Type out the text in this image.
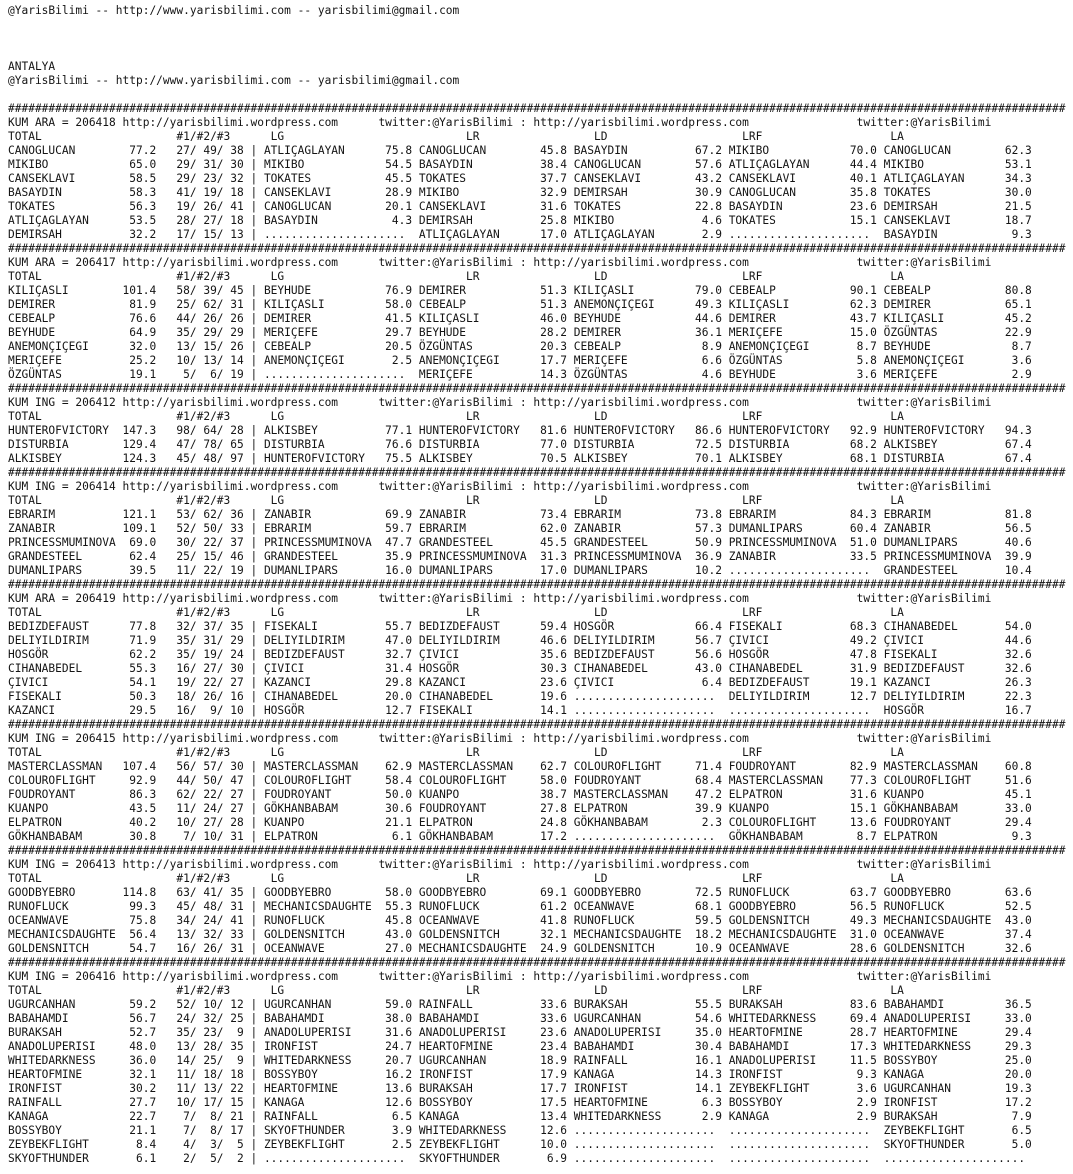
@YarisBilimi -- http://www.yarisbilimi.com -- yarisbilimi@gmail.com
ANTALYA
@YarisBilimi -- http://www.yarisbilimi.com -- yarisbilimi@gmail.com
#############################################################################################################################################################
KUM ARA = 206418 http://yarisbilimi.wordpress.com      twitter:@YarisBilimi : http://yarisbilimi.wordpress.com                twitter:@YarisBilimi
TOTAL                    #1/#2/#3      LG                           LR                 LD                    LRF                   LA
CANOGLUCAN        77.2   27/ 49/ 38 | ATLIÇAGLAYAN      75.8 CANOGLUCAN        45.8 BASAYDIN          67.2 MIKIBO            70.0 CANOGLUCAN        62.3
MIKIBO            65.0   29/ 31/ 30 | MIKIBO            54.5 BASAYDIN          38.4 CANOGLUCAN        57.6 ATLIÇAGLAYAN      44.4 MIKIBO            53.1
CANSEKLAVI        58.5   29/ 23/ 32 | TOKATES           45.5 TOKATES           37.7 CANSEKLAVI        43.2 CANSEKLAVI        40.1 ATLIÇAGLAYAN      34.3
BASAYDIN          58.3   41/ 19/ 18 | CANSEKLAVI        28.9 MIKIBO            32.9 DEMIRSAH          30.9 CANOGLUCAN        35.8 TOKATES           30.0
TOKATES           56.3   19/ 26/ 41 | CANOGLUCAN        20.1 CANSEKLAVI        31.6 TOKATES           22.8 BASAYDIN          23.6 DEMIRSAH          21.5
ATLIÇAGLAYAN      53.5   28/ 27/ 18 | BASAYDIN           4.3 DEMIRSAH          25.8 MIKIBO             4.6 TOKATES           15.1 CANSEKLAVI        18.7
DEMIRSAH          32.2   17/ 15/ 13 | .....................  ATLIÇAGLAYAN      17.0 ATLIÇAGLAYAN       2.9 .....................  BASAYDIN           9.3
#############################################################################################################################################################
KUM ARA = 206417 http://yarisbilimi.wordpress.com      twitter:@YarisBilimi : http://yarisbilimi.wordpress.com                twitter:@YarisBilimi
TOTAL                    #1/#2/#3      LG                           LR                 LD                    LRF                   LA
KILIÇASLI        101.4   58/ 39/ 45 | BEYHUDE           76.9 DEMIRER           51.3 KILIÇASLI         79.0 CEBEALP           90.1 CEBEALP           80.8
DEMIRER           81.9   25/ 62/ 31 | KILIÇASLI         58.0 CEBEALP           51.3 ANEMONÇIÇEGI      49.3 KILIÇASLI         62.3 DEMIRER           65.1
CEBEALP           76.6   44/ 26/ 26 | DEMIRER           41.5 KILIÇASLI         46.0 BEYHUDE           44.6 DEMIRER           43.7 KILIÇASLI         45.2
BEYHUDE           64.9   35/ 29/ 29 | MERIÇEFE          29.7 BEYHUDE           28.2 DEMIRER           36.1 MERIÇEFE          15.0 ÖZGÜNTAS          22.9
ANEMONÇIÇEGI      32.0   13/ 15/ 26 | CEBEALP           20.5 ÖZGÜNTAS          20.3 CEBEALP            8.9 ANEMONÇIÇEGI       8.7 BEYHUDE            8.7
MERIÇEFE          25.2   10/ 13/ 14 | ANEMONÇIÇEGI       2.5 ANEMONÇIÇEGI      17.7 MERIÇEFE           6.6 ÖZGÜNTAS           5.8 ANEMONÇIÇEGI       3.6
ÖZGÜNTAS          19.1    5/  6/ 19 | .....................  MERIÇEFE          14.3 ÖZGÜNTAS           4.6 BEYHUDE            3.6 MERIÇEFE           2.9
#############################################################################################################################################################
KUM ING = 206412 http://yarisbilimi.wordpress.com      twitter:@YarisBilimi : http://yarisbilimi.wordpress.com                twitter:@YarisBilimi
TOTAL                    #1/#2/#3      LG                           LR                 LD                    LRF                   LA
HUNTEROFVICTORY  147.3   98/ 64/ 28 | ALKISBEY          77.1 HUNTEROFVICTORY   81.6 HUNTEROFVICTORY   86.6 HUNTEROFVICTORY   92.9 HUNTEROFVICTORY   94.3
DISTURBIA        129.4   47/ 78/ 65 | DISTURBIA         76.6 DISTURBIA         77.0 DISTURBIA         72.5 DISTURBIA         68.2 ALKISBEY          67.4
ALKISBEY         124.3   45/ 48/ 97 | HUNTEROFVICTORY   75.5 ALKISBEY          70.5 ALKISBEY          70.1 ALKISBEY          68.1 DISTURBIA         67.4
#############################################################################################################################################################
KUM ING = 206414 http://yarisbilimi.wordpress.com      twitter:@YarisBilimi : http://yarisbilimi.wordpress.com                twitter:@YarisBilimi
TOTAL                    #1/#2/#3      LG                           LR                 LD                    LRF                   LA
EBRARIM          121.1   53/ 62/ 36 | ZANABIR           69.9 ZANABIR           73.4 EBRARIM           73.8 EBRARIM           84.3 EBRARIM           81.8
ZANABIR          109.1   52/ 50/ 33 | EBRARIM           59.7 EBRARIM           62.0 ZANABIR           57.3 DUMANLIPARS       60.4 ZANABIR           56.5
PRINCESSMUMINOVA  69.0   30/ 22/ 37 | PRINCESSMUMINOVA  47.7 GRANDESTEEL       45.5 GRANDESTEEL       50.9 PRINCESSMUMINOVA  51.0 DUMANLIPARS       40.6
GRANDESTEEL       62.4   25/ 15/ 46 | GRANDESTEEL       35.9 PRINCESSMUMINOVA  31.3 PRINCESSMUMINOVA  36.9 ZANABIR           33.5 PRINCESSMUMINOVA  39.9
DUMANLIPARS       39.5   11/ 22/ 19 | DUMANLIPARS       16.0 DUMANLIPARS       17.0 DUMANLIPARS       10.2 .....................  GRANDESTEEL       10.4
#############################################################################################################################################################
KUM ARA = 206419 http://yarisbilimi.wordpress.com      twitter:@YarisBilimi : http://yarisbilimi.wordpress.com                twitter:@YarisBilimi
TOTAL                    #1/#2/#3      LG                           LR                 LD                    LRF                   LA
BEDIZDEFAUST      77.8   32/ 37/ 35 | FISEKALI          55.7 BEDIZDEFAUST      59.4 HOSGÖR            66.4 FISEKALI          68.3 CIHANABEDEL       54.0
DELIYILDIRIM      71.9   35/ 31/ 29 | DELIYILDIRIM      47.0 DELIYILDIRIM      46.6 DELIYILDIRIM      56.7 ÇIVICI            49.2 ÇIVICI            44.6
HOSGÖR            62.2   35/ 19/ 24 | BEDIZDEFAUST      32.7 ÇIVICI            35.6 BEDIZDEFAUST      56.6 HOSGÖR            47.8 FISEKALI          32.6
CIHANABEDEL       55.3   16/ 27/ 30 | ÇIVICI            31.4 HOSGÖR            30.3 CIHANABEDEL       43.0 CIHANABEDEL       31.9 BEDIZDEFAUST      32.6
ÇIVICI            54.1   19/ 22/ 27 | KAZANCI           29.8 KAZANCI           23.6 ÇIVICI             6.4 BEDIZDEFAUST      19.1 KAZANCI           26.3
FISEKALI          50.3   18/ 26/ 16 | CIHANABEDEL       20.0 CIHANABEDEL       19.6 .....................  DELIYILDIRIM      12.7 DELIYILDIRIM      22.3
KAZANCI           29.5   16/  9/ 10 | HOSGÖR            12.7 FISEKALI          14.1 .....................  .....................  HOSGÖR            16.7
#############################################################################################################################################################
KUM ING = 206415 http://yarisbilimi.wordpress.com      twitter:@YarisBilimi : http://yarisbilimi.wordpress.com                twitter:@YarisBilimi
TOTAL                    #1/#2/#3      LG                           LR                 LD                    LRF                   LA
MASTERCLASSMAN   107.4   56/ 57/ 30 | MASTERCLASSMAN    62.9 MASTERCLASSMAN    62.7 COLOUROFLIGHT     71.4 FOUDROYANT        82.9 MASTERCLASSMAN    60.8
COLOUROFLIGHT     92.9   44/ 50/ 47 | COLOUROFLIGHT     58.4 COLOUROFLIGHT     58.0 FOUDROYANT        68.4 MASTERCLASSMAN    77.3 COLOUROFLIGHT     51.6
FOUDROYANT        86.3   62/ 22/ 27 | FOUDROYANT        50.0 KUANPO            38.7 MASTERCLASSMAN    47.2 ELPATRON          31.6 KUANPO            45.1
KUANPO            43.5   11/ 24/ 27 | GÖKHANBABAM       30.6 FOUDROYANT        27.8 ELPATRON          39.9 KUANPO            15.1 GÖKHANBABAM       33.0
ELPATRON          40.2   10/ 27/ 28 | KUANPO            21.1 ELPATRON          24.8 GÖKHANBABAM        2.3 COLOUROFLIGHT     13.6 FOUDROYANT        29.4
GÖKHANBABAM       30.8    7/ 10/ 31 | ELPATRON           6.1 GÖKHANBABAM       17.2 .....................  GÖKHANBABAM        8.7 ELPATRON           9.3
#############################################################################################################################################################
KUM ING = 206413 http://yarisbilimi.wordpress.com      twitter:@YarisBilimi : http://yarisbilimi.wordpress.com                twitter:@YarisBilimi
TOTAL                    #1/#2/#3      LG                           LR                 LD                    LRF                   LA
GOODBYEBRO       114.8   63/ 41/ 35 | GOODBYEBRO        58.0 GOODBYEBRO        69.1 GOODBYEBRO        72.5 RUNOFLUCK         63.7 GOODBYEBRO        63.6
RUNOFLUCK         99.3   45/ 48/ 31 | MECHANICSDAUGHTE  55.3 RUNOFLUCK         61.2 OCEANWAVE         68.1 GOODBYEBRO        56.5 RUNOFLUCK         52.5
OCEANWAVE         75.8   34/ 24/ 41 | RUNOFLUCK         45.8 OCEANWAVE         41.8 RUNOFLUCK         59.5 GOLDENSNITCH      49.3 MECHANICSDAUGHTE  43.0
MECHANICSDAUGHTE  56.4   13/ 32/ 33 | GOLDENSNITCH      43.0 GOLDENSNITCH      32.1 MECHANICSDAUGHTE  18.2 MECHANICSDAUGHTE  31.0 OCEANWAVE         37.4
GOLDENSNITCH      54.7   16/ 26/ 31 | OCEANWAVE         27.0 MECHANICSDAUGHTE  24.9 GOLDENSNITCH      10.9 OCEANWAVE         28.6 GOLDENSNITCH      32.6
#############################################################################################################################################################
KUM ING = 206416 http://yarisbilimi.wordpress.com      twitter:@YarisBilimi : http://yarisbilimi.wordpress.com                twitter:@YarisBilimi
TOTAL                    #1/#2/#3      LG                           LR                 LD                    LRF                   LA
UGURCANHAN        59.2   52/ 10/ 12 | UGURCANHAN        59.0 RAINFALL          33.6 BURAKSAH          55.5 BURAKSAH          83.6 BABAHAMDI         36.5
BABAHAMDI         56.7   24/ 32/ 25 | BABAHAMDI         38.0 BABAHAMDI         33.6 UGURCANHAN        54.6 WHITEDARKNESS     69.4 ANADOLUPERISI     33.0
BURAKSAH          52.7   35/ 23/  9 | ANADOLUPERISI     31.6 ANADOLUPERISI     23.6 ANADOLUPERISI     35.0 HEARTOFMINE       28.7 HEARTOFMINE       29.4
ANADOLUPERISI     48.0   13/ 28/ 35 | IRONFIST          24.7 HEARTOFMINE       23.4 BABAHAMDI         30.4 BABAHAMDI         17.3 WHITEDARKNESS     29.3
WHITEDARKNESS     36.0   14/ 25/  9 | WHITEDARKNESS     20.7 UGURCANHAN        18.9 RAINFALL          16.1 ANADOLUPERISI     11.5 BOSSYBOY          25.0
HEARTOFMINE       32.1   11/ 18/ 18 | BOSSYBOY          16.2 IRONFIST          17.9 KANAGA            14.3 IRONFIST           9.3 KANAGA            20.0
IRONFIST          30.2   11/ 13/ 22 | HEARTOFMINE       13.6 BURAKSAH          17.7 IRONFIST          14.1 ZEYBEKFLIGHT       3.6 UGURCANHAN        19.3
RAINFALL          27.7   10/ 17/ 15 | KANAGA            12.6 BOSSYBOY          17.5 HEARTOFMINE        6.3 BOSSYBOY           2.9 IRONFIST          17.2
KANAGA            22.7    7/  8/ 21 | RAINFALL           6.5 KANAGA            13.4 WHITEDARKNESS      2.9 KANAGA             2.9 BURAKSAH           7.9
BOSSYBOY          21.1    7/  8/ 17 | SKYOFTHUNDER       3.9 WHITEDARKNESS     12.6 .....................  .....................  ZEYBEKFLIGHT       6.5
ZEYBEKFLIGHT       8.4    4/  3/  5 | ZEYBEKFLIGHT       2.5 ZEYBEKFLIGHT      10.0 .....................  .....................  SKYOFTHUNDER       5.0
SKYOFTHUNDER       6.1    2/  5/  2 | .....................  SKYOFTHUNDER       6.9 .....................  .....................  .....................
